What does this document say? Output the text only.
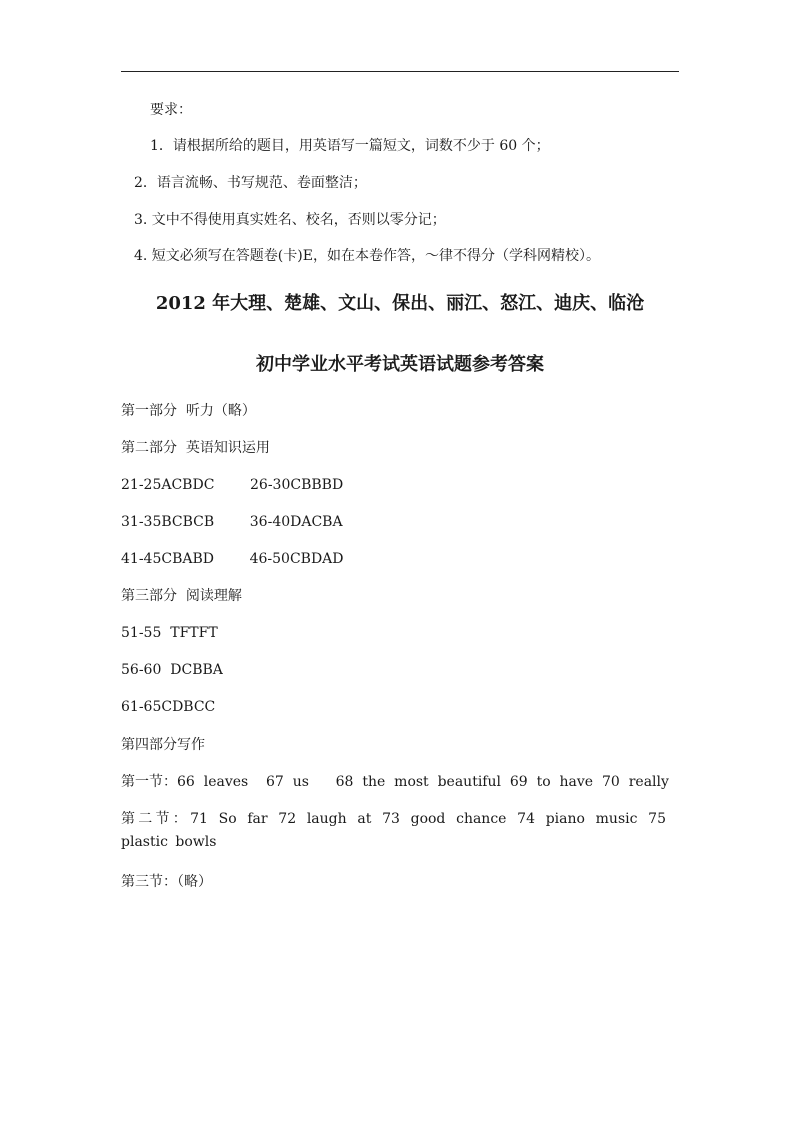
要求：
1．请根据所给的题目，用英语写一篇短文，词数不少于 60 个；
2．语言流畅、书写规范、卷面整洁；
3. 文中不得使用真实姓名、校名，否则以零分记；
4. 短文必须写在答题卷(卡)E，如在本卷作答，～律不得分（学科网精校）。
2012 年大理、楚雄、文山、保出、丽江、怒江、迪庆、临沧
初中学业水平考试英语试题参考答案
第一部分  听力（略）
第二部分  英语知识运用
21-25ACBDC        26-30CBBBD
31-35BCBCB        36-40DACBA
41-45CBABD        46-50CBDAD
第三部分  阅读理解
51-55  TFTFT
56-60  DCBBA
61-65CDBCC
第四部分写作
第一节：66  leaves    67  us      68  the  most  beautiful  69  to  have  70  really
第二节：71 So far 72 laugh at 73 good chance 74 piano music 75 plastic bowls
第三节：（略）
